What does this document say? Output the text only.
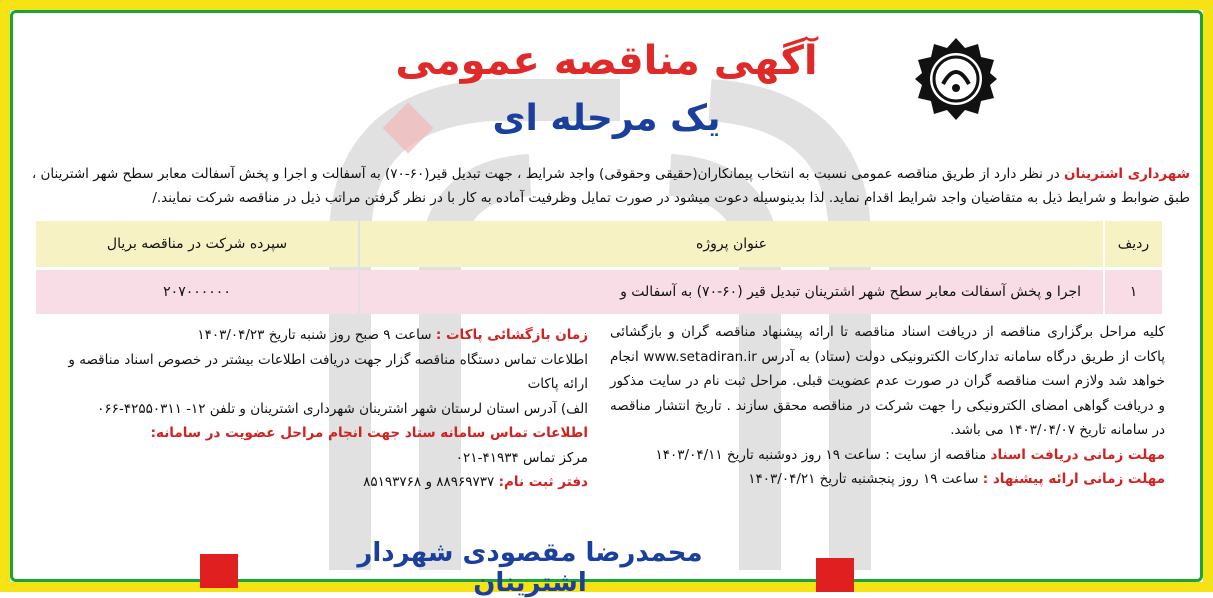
آگهی مناقصه عمومی
یک مرحله ای
شهرداری اشترینان در نظر دارد از طریق مناقصه عمومی نسبت به انتخاب پیمانکاران(حقیقی وحقوقی) واجد شرایط ، جهت تبدیل قیر(۶۰-۷۰) به آسفالت و اجرا و پخش آسفالت معابر سطح شهر اشترینان ، طبق ضوابط و شرایط ذیل به متقاضیان واجد شرایط اقدام نماید. لذا بدینوسیله دعوت میشود در صورت تمایل وظرفیت آماده به کار با در نظر گرفتن مراتب ذیل در مناقصه شرکت نمایند./
ردیف	عنوان پروژه	سپرده شرکت در مناقصه بریال
۱	اجرا و پخش آسفالت معابر سطح شهر اشترینان تبدیل قیر (۶۰-۷۰) به آسفالت و	۲۰۷۰۰۰۰۰۰

کلیه مراحل برگزاری مناقصه از دریافت اسناد مناقصه تا ارائه پیشنهاد مناقصه گران و بازگشائی پاکات از طریق درگاه سامانه تدارکات الکترونیکی دولت (ستاد) به آدرس www.setadiran.ir انجام خواهد شد ولازم است مناقصه گران در صورت عدم عضویت قبلی. مراحل ثبت نام در سایت مذکور و دریافت گواهی امضای الکترونیکی را جهت شرکت در مناقصه محقق سازند . تاریخ انتشار مناقصه در سامانه تاریخ ۱۴۰۳/۰۴/۰۷ می باشد.

مهلت زمانی دریافت اسناد مناقصه از سایت : ساعت ۱۹ روز دوشنبه تاریخ ۱۴۰۳/۰۴/۱۱

مهلت زمانی ارائه پیشنهاد : ساعت ۱۹ روز پنجشنبه تاریخ ۱۴۰۳/۰۴/۲۱

زمان بازگشائی پاکات : ساعت ۹ صبح روز شنبه تاریخ ۱۴۰۳/۰۴/۲۳

اطلاعات تماس دستگاه مناقصه گزار جهت دریافت اطلاعات بیشتر در خصوص اسناد مناقصه و ارائه پاکات

الف) آدرس استان لرستان شهر اشترینان شهرداری اشترینان و تلفن ۱۲- ۴۲۵۵۰۳۱۱-۰۶۶

اطلاعات تماس سامانه ستاد جهت انجام مراحل عضویت در سامانه:

مرکز تماس ۴۱۹۳۴-۰۲۱

دفتر ثبت نام: ۸۸۹۶۹۷۳۷ و ۸۵۱۹۳۷۶۸

محمدرضا مقصودی شهردار اشترینان
